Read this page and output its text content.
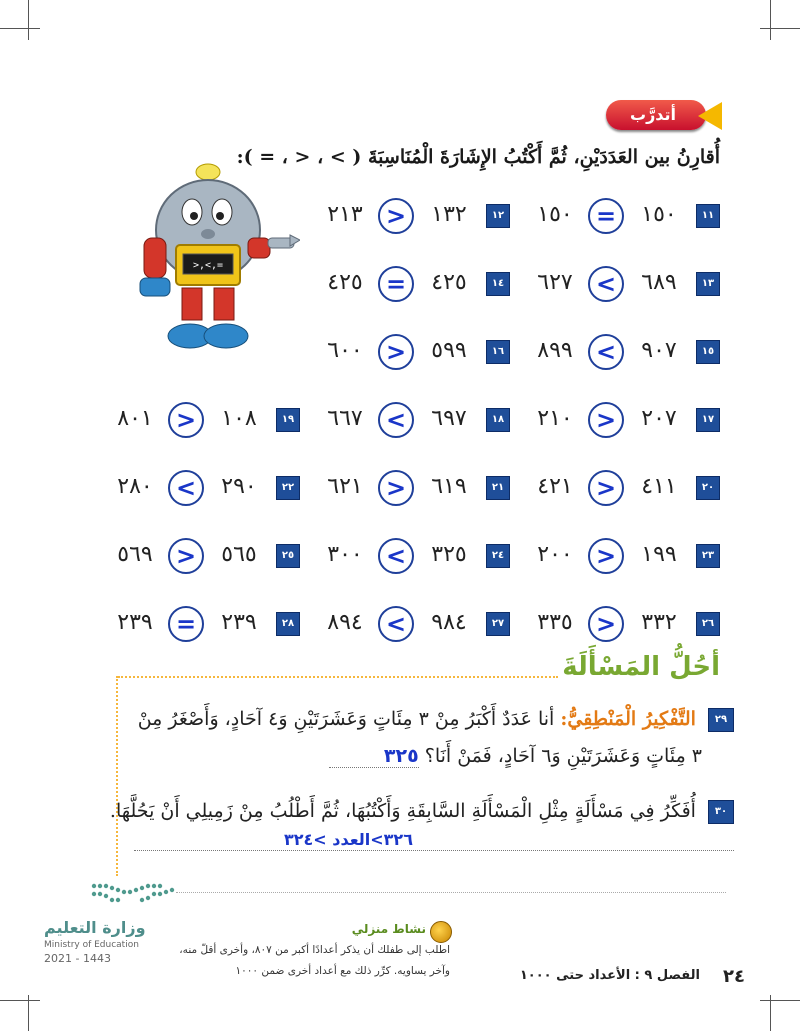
أتدرَّب
أُقارِنُ بين العَدَدَيْنِ، ثُمَّ أَكْتُبُ الإِشَارَةَ الْمُنَاسِبَةَ ( > ، < ، = ):
>,<,=
١١
١٥٠
=
١٥٠
١٢
١٣٢
>
٢١٣
١٣
٦٨٩
<
٦٢٧
١٤
٤٢٥
=
٤٢٥
١٥
٩٠٧
<
٨٩٩
١٦
٥٩٩
>
٦٠٠
١٧
٢٠٧
>
٢١٠
١٨
٦٩٧
<
٦٦٧
١٩
١٠٨
>
٨٠١
٢٠
٤١١
>
٤٢١
٢١
٦١٩
>
٦٢١
٢٢
٢٩٠
<
٢٨٠
٢٣
١٩٩
>
٢٠٠
٢٤
٣٢٥
<
٣٠٠
٢٥
٥٦٥
>
٥٦٩
٢٦
٣٣٢
>
٣٣٥
٢٧
٩٨٤
<
٨٩٤
٢٨
٢٣٩
=
٢٣٩
أحُلُّ المَسْأَلَةَ
٢٩ التَّفْكِيرُ الْمَنْطِقِيُّ: أنا عَدَدٌ أَكْبَرُ مِنْ ٣ مِئَاتٍ وَعَشَرَتَيْنِ وَ٤ آحَادٍ، وَأَصْغَرُ مِنْ
٣ مِئَاتٍ وَعَشَرَتَيْنِ وَ٦ آحَادٍ، فَمَنْ أَنَا؟ ٣٢٥
٣٠ أُفَكِّرُ فِي مَسْأَلَةٍ مِثْلِ الْمَسْأَلَةِ السَّابِقَةِ وَأَكْتُبُهَا، ثُمَّ أَطْلُبُ مِنْ زَمِيلِي أَنْ يَحُلَّهَا.
٣٢٦>العدد >٣٢٤
وزارة التعليم
Ministry of Education
2021 - 1443
نشاط منزلي
اطلب إلى طفلك أن يذكر أعدادًا أكبر من ٨٠٧، وأخرى أقلّ منه،
وآخر يساويه. كرِّر ذلك مع أعداد أخرى ضمن ١٠٠٠	الفصل ٩ : الأعداد حتى ١٠٠٠	٢٤
